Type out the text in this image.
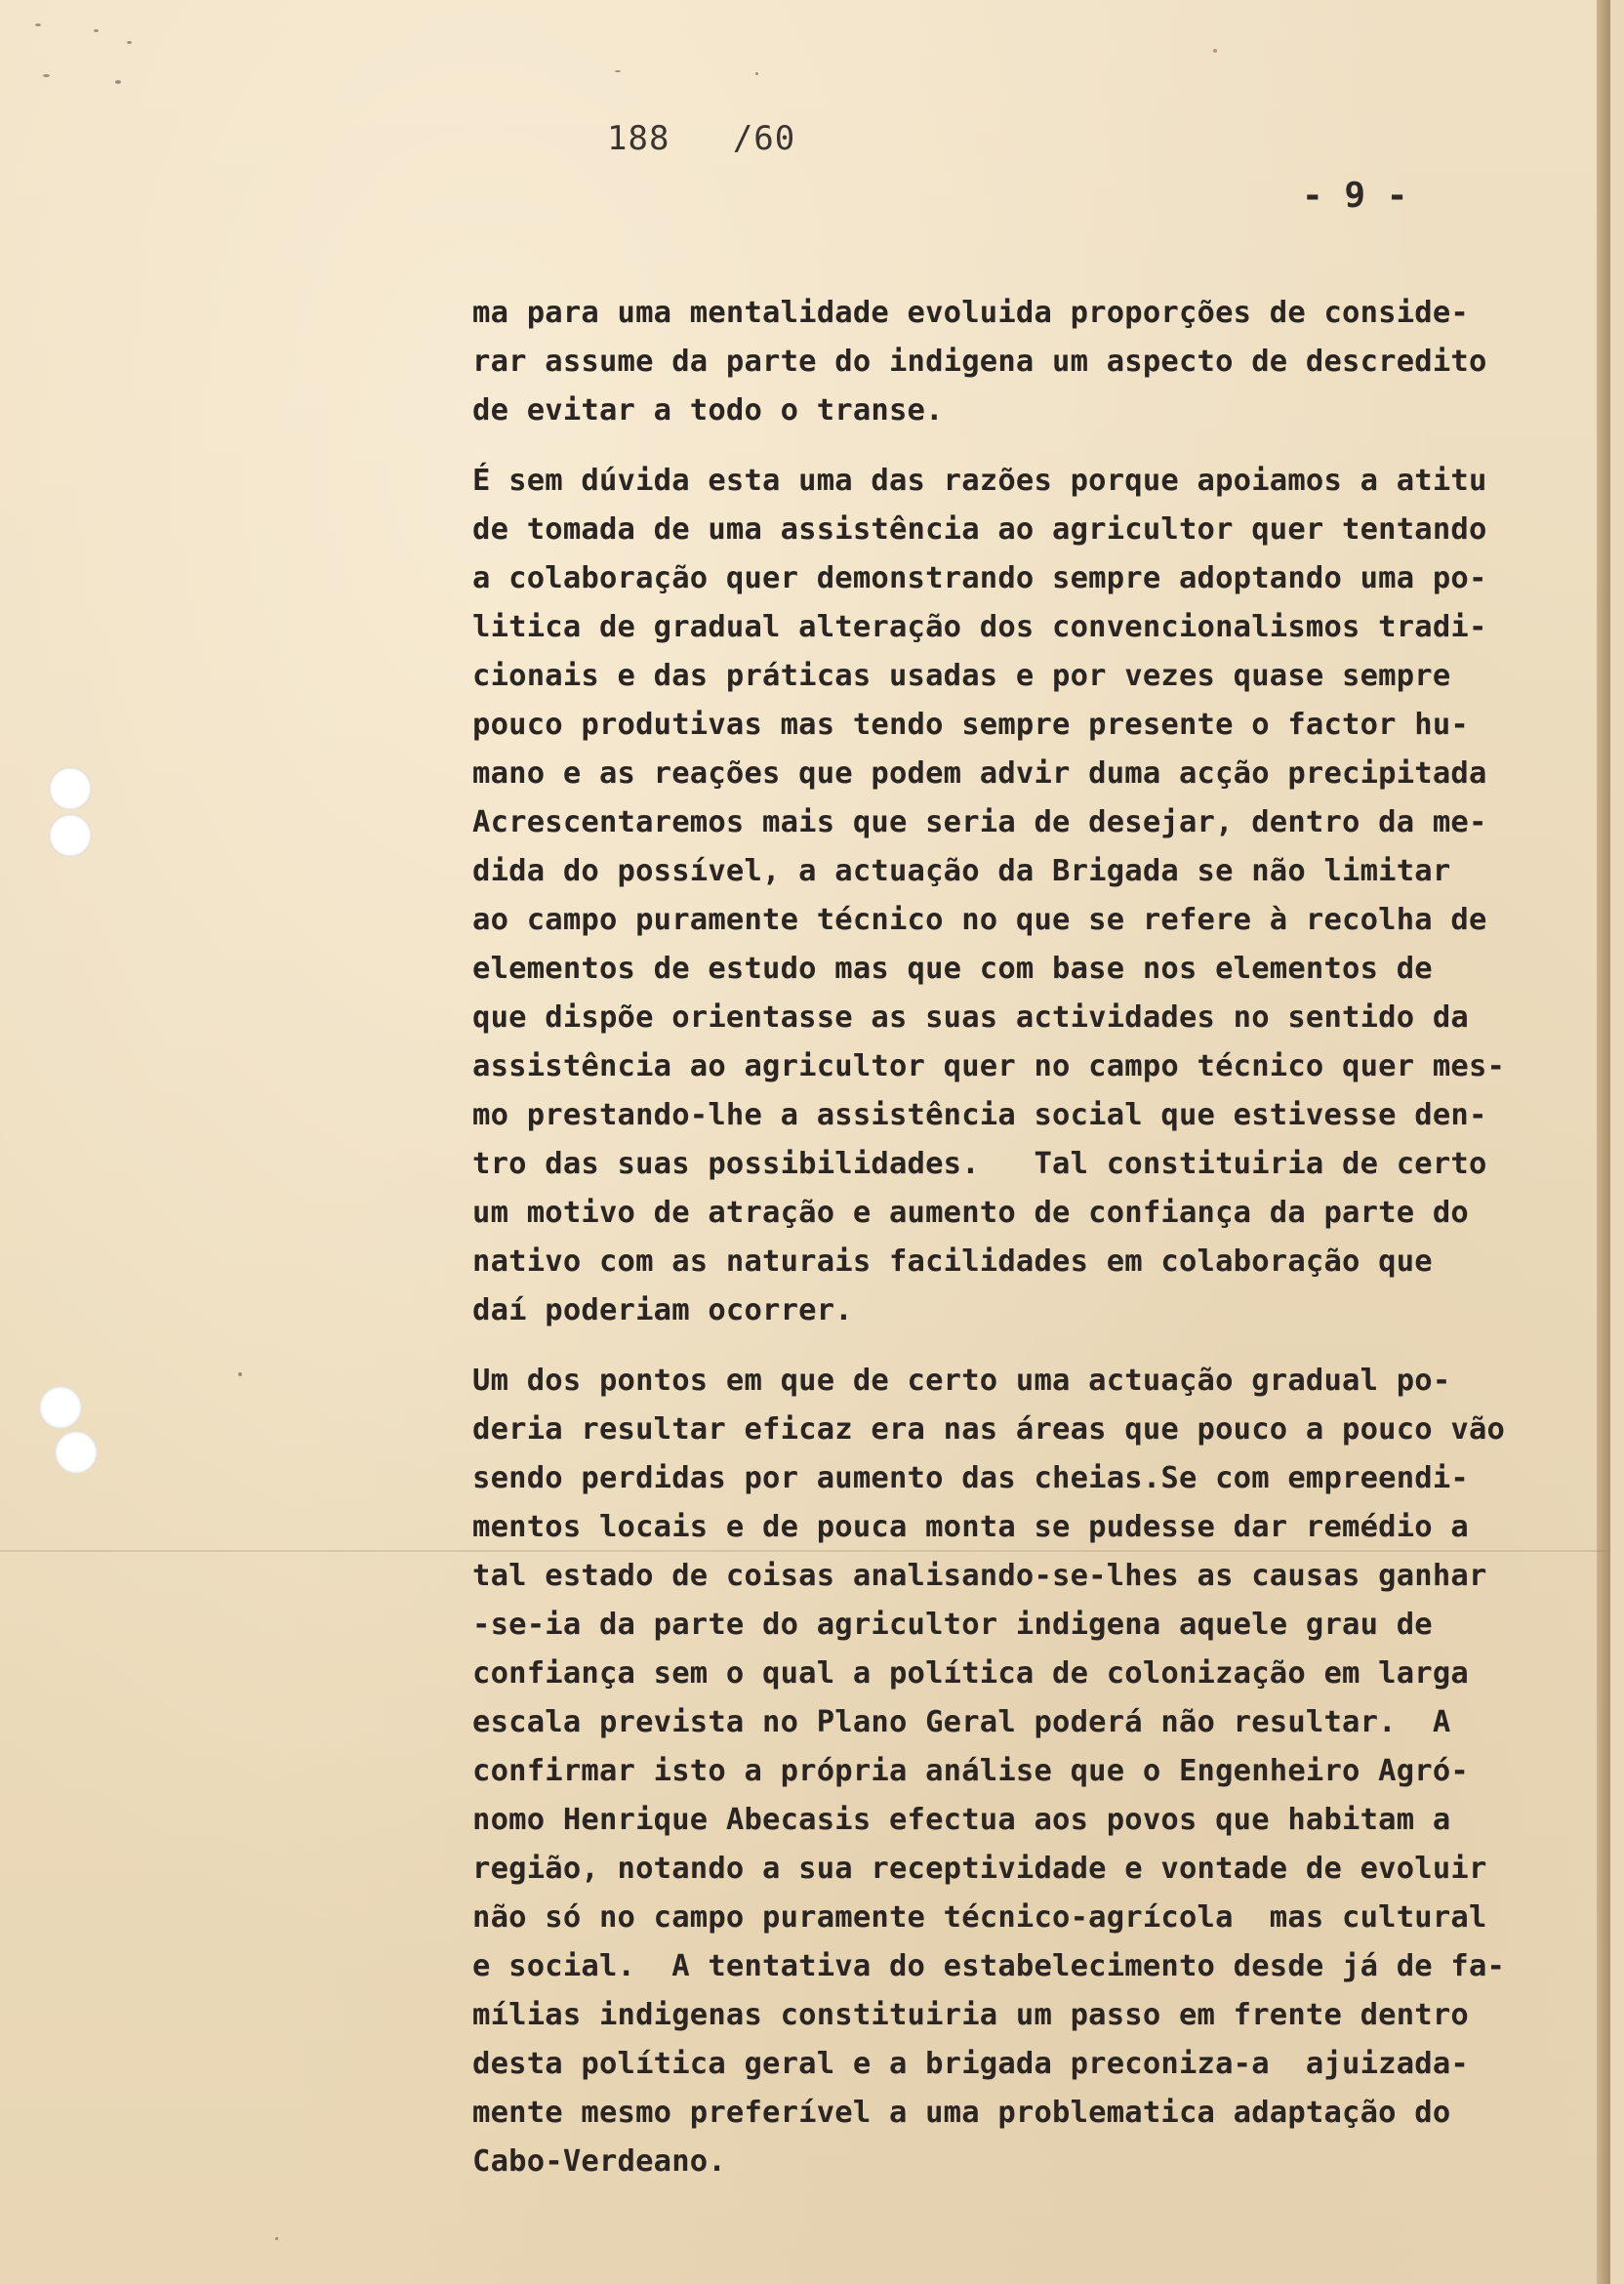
188   /60
- 9 -
ma para uma mentalidade evoluida proporções de conside-
rar assume da parte do indigena um aspecto de descredito
de evitar a todo o transe.
É sem dúvida esta uma das razões porque apoiamos a atitu
de tomada de uma assistência ao agricultor quer tentando
a colaboração quer demonstrando sempre adoptando uma po-
litica de gradual alteração dos convencionalismos tradi-
cionais e das práticas usadas e por vezes quase sempre
pouco produtivas mas tendo sempre presente o factor hu-
mano e as reações que podem advir duma acção precipitada
Acrescentaremos mais que seria de desejar, dentro da me-
dida do possível, a actuação da Brigada se não limitar
ao campo puramente técnico no que se refere à recolha de
elementos de estudo mas que com base nos elementos de
que dispõe orientasse as suas actividades no sentido da
assistência ao agricultor quer no campo técnico quer mes-
mo prestando-lhe a assistência social que estivesse den-
tro das suas possibilidades.   Tal constituiria de certo
um motivo de atração e aumento de confiança da parte do
nativo com as naturais facilidades em colaboração que
daí poderiam ocorrer.
Um dos pontos em que de certo uma actuação gradual po-
deria resultar eficaz era nas áreas que pouco a pouco vão
sendo perdidas por aumento das cheias.Se com empreendi-
mentos locais e de pouca monta se pudesse dar remédio a
tal estado de coisas analisando-se-lhes as causas ganhar
-se-ia da parte do agricultor indigena aquele grau de
confiança sem o qual a política de colonização em larga
escala prevista no Plano Geral poderá não resultar.  A
confirmar isto a própria análise que o Engenheiro Agró-
nomo Henrique Abecasis efectua aos povos que habitam a
região, notando a sua receptividade e vontade de evoluir
não só no campo puramente técnico-agrícola  mas cultural
e social.  A tentativa do estabelecimento desde já de fa-
mílias indigenas constituiria um passo em frente dentro
desta política geral e a brigada preconiza-a  ajuizada-
mente mesmo preferível a uma problematica adaptação do
Cabo-Verdeano.
